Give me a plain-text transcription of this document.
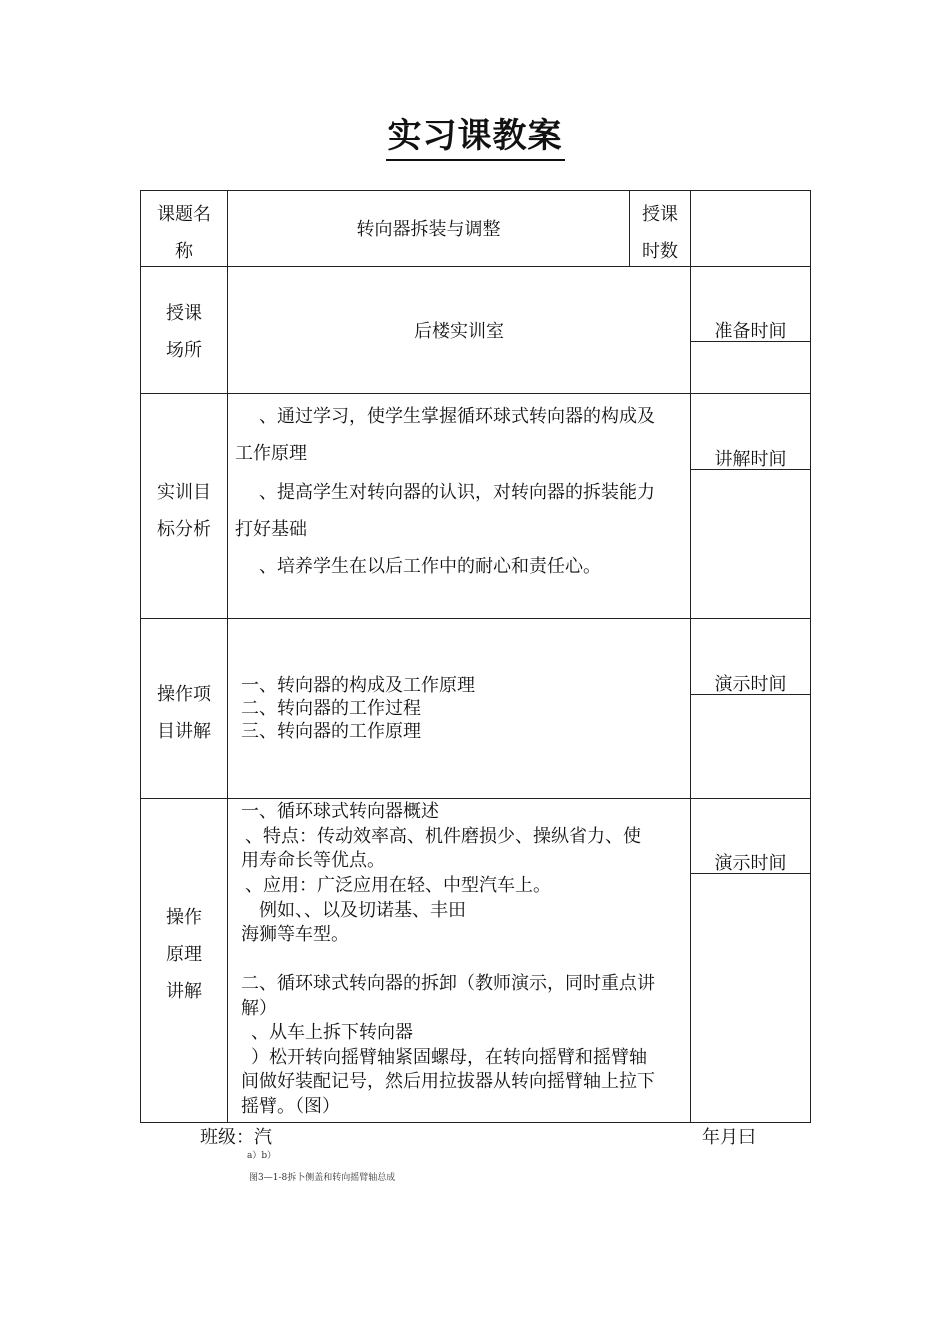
实习课教案
课题名
称
转向器拆装与调整
授课
时数
授课
场所
后楼实训室	准备时间
实训目
标分析
、通过学习，使学生掌握循环球式转向器的构成及
工作原理
、提高学生对转向器的认识，对转向器的拆装能力
打好基础
、培养学生在以后工作中的耐心和责任心。
讲解时间
操作项
目讲解
一、转向器的构成及工作原理
二、转向器的工作过程
三、转向器的工作原理
演示时间
操作
原理
讲解
一、循环球式转向器概述
、特点：传动效率高、机件磨损少、操纵省力、使
用寿命长等优点。
、应用：广泛应用在轻、中型汽车上。
例如、、以及切诺基、丰田
海狮等车型。
二、循环球式转向器的拆卸（教师演示，同时重点讲
解）
、从车上拆下转向器
）松开转向摇臂轴紧固螺母，在转向摇臂和摇臂轴
间做好装配记号，然后用拉拔器从转向摇臂轴上拉下
摇臂。（图）
演示时间
班级：汽	年月曰
a）b）
图3—1-8拆卜侧盖和转向摇臂轴总成
